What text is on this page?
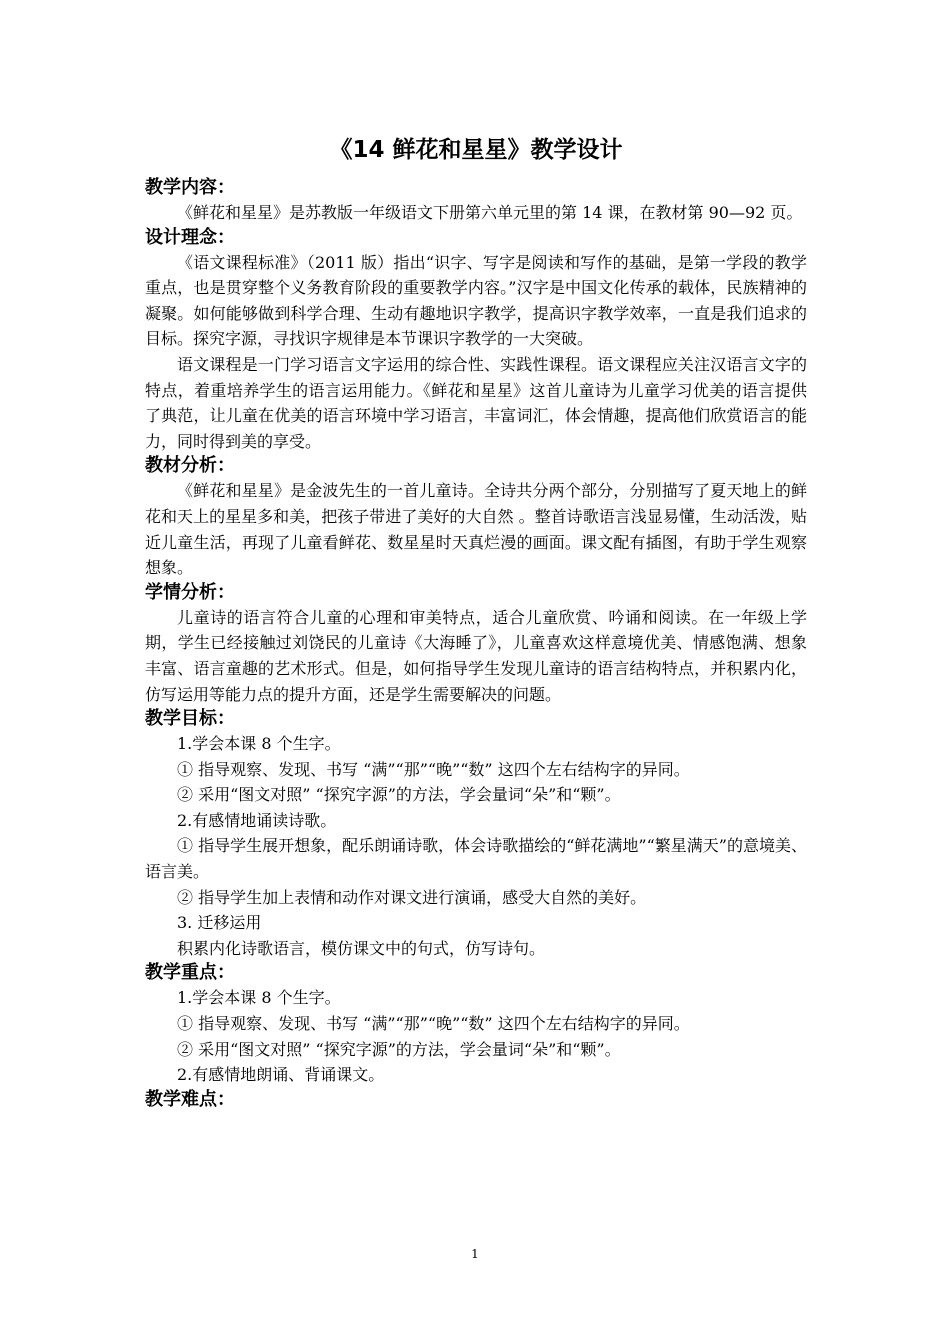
《14 鲜花和星星》教学设计
教学内容：

《鲜花和星星》是苏教版一年级语文下册第六单元里的第 14 课，在教材第 90—92 页。

设计理念：

《语文课程标准》（2011 版）指出“识字、写字是阅读和写作的基础，是第一学段的教学重点，也是贯穿整个义务教育阶段的重要教学内容。”汉字是中国文化传承的载体，民族精神的凝聚。如何能够做到科学合理、生动有趣地识字教学，提高识字教学效率，一直是我们追求的目标。探究字源，寻找识字规律是本节课识字教学的一大突破。

语文课程是一门学习语言文字运用的综合性、实践性课程。语文课程应关注汉语言文字的特点，着重培养学生的语言运用能力。《鲜花和星星》这首儿童诗为儿童学习优美的语言提供了典范，让儿童在优美的语言环境中学习语言，丰富词汇，体会情趣，提高他们欣赏语言的能力，同时得到美的享受。

教材分析：

《鲜花和星星》是金波先生的一首儿童诗。全诗共分两个部分，分别描写了夏天地上的鲜花和天上的星星多和美，把孩子带进了美好的大自然 。整首诗歌语言浅显易懂，生动活泼，贴近儿童生活，再现了儿童看鲜花、数星星时天真烂漫的画面。课文配有插图，有助于学生观察想象。

学情分析：

儿童诗的语言符合儿童的心理和审美特点，适合儿童欣赏、吟诵和阅读。在一年级上学期，学生已经接触过刘饶民的儿童诗《大海睡了》，儿童喜欢这样意境优美、情感饱满、想象丰富、语言童趣的艺术形式。但是，如何指导学生发现儿童诗的语言结构特点，并积累内化，仿写运用等能力点的提升方面，还是学生需要解决的问题。

教学目标：

1.学会本课 8 个生字。

① 指导观察、发现、书写 “满”“那”“晚”“数” 这四个左右结构字的异同。

② 采用“图文对照” “探究字源”的方法，学会量词“朵”和“颗”。

2.有感情地诵读诗歌。

① 指导学生展开想象，配乐朗诵诗歌，体会诗歌描绘的“鲜花满地”“繁星满天”的意境美、语言美。

② 指导学生加上表情和动作对课文进行演诵，感受大自然的美好。

3. 迁移运用

积累内化诗歌语言，模仿课文中的句式，仿写诗句。

教学重点：

1.学会本课 8 个生字。

① 指导观察、发现、书写 “满”“那”“晚”“数” 这四个左右结构字的异同。

② 采用“图文对照” “探究字源”的方法，学会量词“朵”和“颗”。

2.有感情地朗诵、背诵课文。

教学难点：
1
